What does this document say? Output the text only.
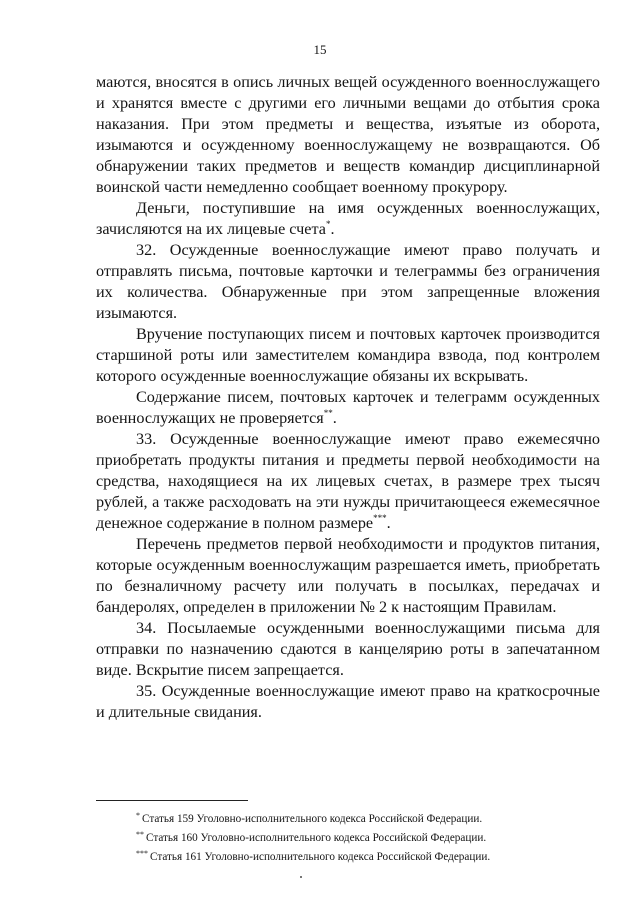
15

маются, вносятся в опись личных вещей осужденного военнослужащего и хранятся вместе с другими его личными вещами до отбытия срока наказания. При этом предметы и вещества, изъятые из оборота, изымаются и осужденному военнослужащему не возвращаются. Об обнаружении таких предметов и веществ командир дисциплинарной воинской части немедленно сообщает военному прокурору.

Деньги, поступившие на имя осужденных военнослужащих, зачисляются на их лицевые счета*.

32. Осужденные военнослужащие имеют право получать и отправлять письма, почтовые карточки и телеграммы без ограничения их количества. Обнаруженные при этом запрещенные вложения изымаются.

Вручение поступающих писем и почтовых карточек производится старшиной роты или заместителем командира взвода, под контролем которого осужденные военнослужащие обязаны их вскрывать.

Содержание писем, почтовых карточек и телеграмм осужденных военнослужащих не проверяется**.

33. Осужденные военнослужащие имеют право ежемесячно приобретать продукты питания и предметы первой необходимости на средства, находящиеся на их лицевых счетах, в размере трех тысяч рублей, а также расходовать на эти нужды причитающееся ежемесячное денежное содержание в полном размере***.

Перечень предметов первой необходимости и продуктов питания, которые осужденным военнослужащим разрешается иметь, приобретать по безналичному расчету или получать в посылках, передачах и бандеролях, определен в приложении № 2 к настоящим Правилам.

34. Посылаемые осужденными военнослужащими письма для отправки по назначению сдаются в канцелярию роты в запечатанном виде. Вскрытие писем запрещается.

35. Осужденные военнослужащие имеют право на краткосрочные и длительные свидания.

* Статья 159 Уголовно-исполнительного кодекса Российской Федерации.
** Статья 160 Уголовно-исполнительного кодекса Российской Федерации.
*** Статья 161 Уголовно-исполнительного кодекса Российской Федерации.
